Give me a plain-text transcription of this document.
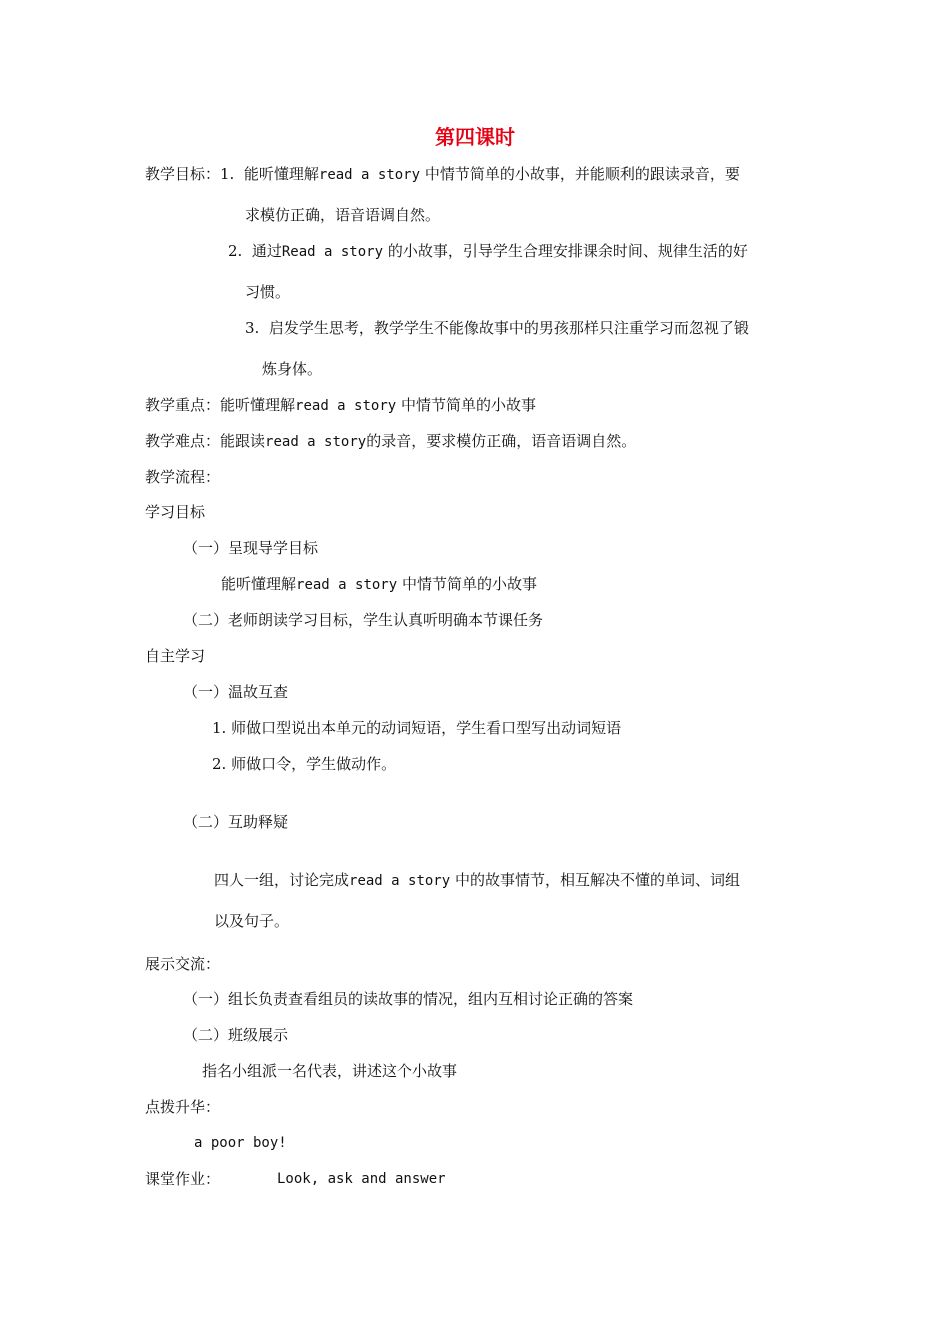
第四课时
教学目标：1. 能听懂理解read a story 中情节简单的小故事，并能顺利的跟读录音，要
求模仿正确，语音语调自然。
2. 通过Read a story 的小故事，引导学生合理安排课余时间、规律生活的好
习惯。
3. 启发学生思考，教学学生不能像故事中的男孩那样只注重学习而忽视了锻
炼身体。
教学重点：能听懂理解read a story 中情节简单的小故事
教学难点：能跟读read a story的录音，要求模仿正确，语音语调自然。
教学流程：
学习目标
（一）呈现导学目标
能听懂理解read a story 中情节简单的小故事
（二）老师朗读学习目标，学生认真听明确本节课任务
自主学习
（一）温故互查
1. 师做口型说出本单元的动词短语，学生看口型写出动词短语
2. 师做口令，学生做动作。
（二）互助释疑
四人一组，讨论完成read a story 中的故事情节，相互解决不懂的单词、词组
以及句子。
展示交流：
（一）组长负责查看组员的读故事的情况，组内互相讨论正确的答案
（二）班级展示
指名小组派一名代表，讲述这个小故事
点拨升华：
a poor boy!
课堂作业：	Look, ask and answer
